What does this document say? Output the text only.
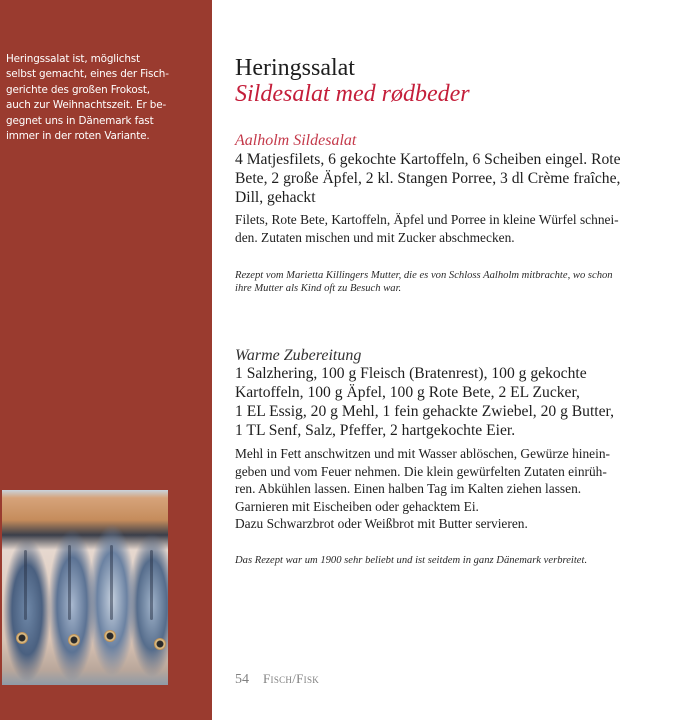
Heringssalat ist, möglichst
selbst gemacht, eines der Fisch-
gerichte des großen Frokost,
auch zur Weihnachtszeit. Er be-
gegnet uns in Dänemark fast
immer in der roten Variante.
Heringssalat
Sildesalat med rødbeder
Aalholm Sildesalat
4 Matjesfilets, 6 gekochte Kartoffeln, 6 Scheiben eingel. Rote
Bete, 2 große Äpfel, 2 kl. Stangen Porree, 3 dl Crème fraîche,
Dill, gehackt
Filets, Rote Bete, Kartoffeln, Äpfel und Porree in kleine Würfel schnei-
den. Zutaten mischen und mit Zucker abschmecken.
Rezept vom Marietta Killingers Mutter, die es von Schloss Aalholm mitbrachte, wo schon
ihre Mutter als Kind oft zu Besuch war.
Warme Zubereitung
1 Salzhering, 100 g Fleisch (Bratenrest), 100 g gekochte
Kartoffeln, 100 g Äpfel, 100 g Rote Bete, 2 EL Zucker,
1 EL Essig, 20 g Mehl, 1 fein gehackte Zwiebel, 20 g Butter,
1 TL Senf, Salz, Pfeffer, 2 hartgekochte Eier.
Mehl in Fett anschwitzen und mit Wasser ablöschen, Gewürze hinein-
geben und vom Feuer nehmen. Die klein gewürfelten Zutaten einrüh-
ren. Abkühlen lassen. Einen halben Tag im Kalten ziehen lassen.
Garnieren mit Eischeiben oder gehacktem Ei.
Dazu Schwarzbrot oder Weißbrot mit Butter servieren.
Das Rezept war um 1900 sehr beliebt und ist seitdem in ganz Dänemark verbreitet.
54 Fisch/Fisk
